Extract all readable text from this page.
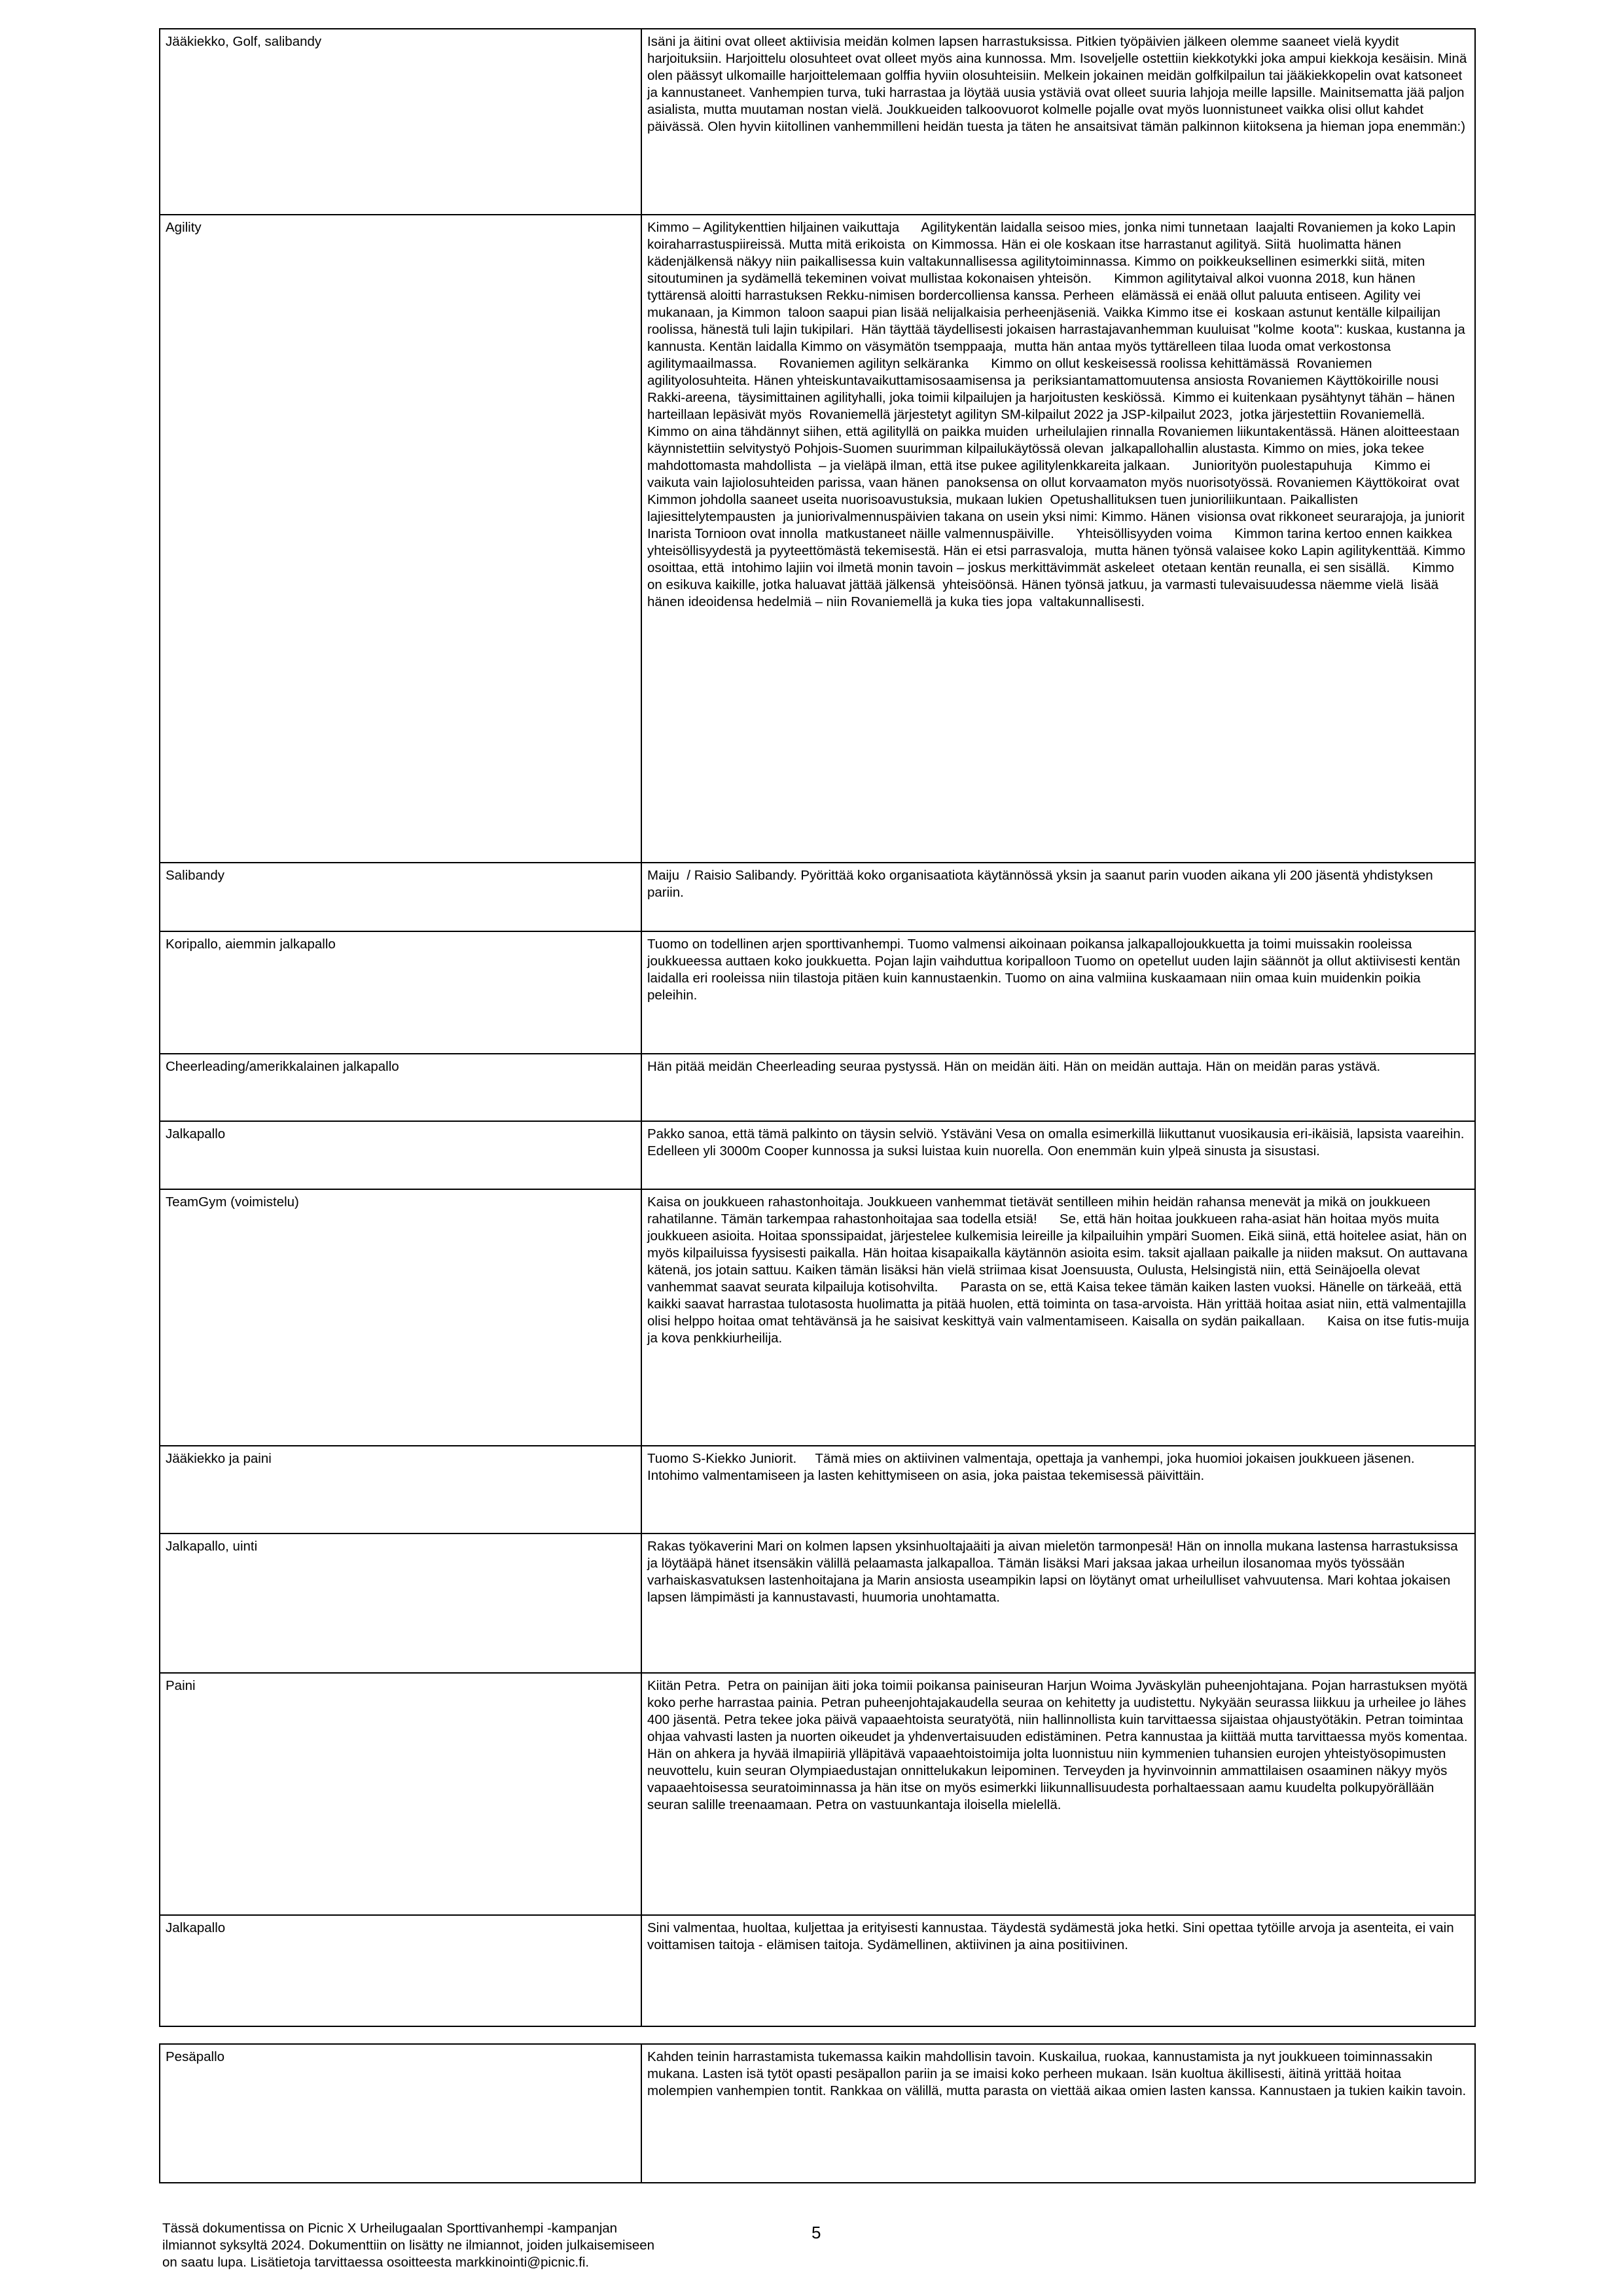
Jääkiekko, Golf, salibandy	Isäni ja äitini ovat olleet aktiivisia meidän kolmen lapsen harrastuksissa. Pitkien työpäivien jälkeen olemme saaneet vielä kyydit harjoituksiin. Harjoittelu olosuhteet ovat olleet myös aina kunnossa. Mm. Isoveljelle ostettiin kiekkotykki joka ampui kiekkoja kesäisin. Minä olen päässyt ulkomaille harjoittelemaan golffia hyviin olosuhteisiin. Melkein jokainen meidän golfkilpailun tai jääkiekkopelin ovat katsoneet ja kannustaneet. Vanhempien turva, tuki harrastaa ja löytää uusia ystäviä ovat olleet suuria lahjoja meille lapsille. Mainitsematta jää paljon asialista, mutta muutaman nostan vielä. Joukkueiden talkoovuorot kolmelle pojalle ovat myös luonnistuneet vaikka olisi ollut kahdet päivässä. Olen hyvin kiitollinen vanhemmilleni heidän tuesta ja täten he ansaitsivat tämän palkinnon kiitoksena ja hieman jopa enemmän:)
Agility	Kimmo – Agilitykenttien hiljainen vaikuttaja      Agilitykentän laidalla seisoo mies, jonka nimi tunnetaan  laajalti Rovaniemen ja koko Lapin koiraharrastuspiireissä. Mutta mitä erikoista  on Kimmossa. Hän ei ole koskaan itse harrastanut agilityä. Siitä  huolimatta hänen kädenjälkensä näkyy niin paikallisessa kuin valtakunnallisessa agilitytoiminnassa. Kimmo on poikkeuksellinen esimerkki siitä, miten  sitoutuminen ja sydämellä tekeminen voivat mullistaa kokonaisen yhteisön.      Kimmon agilitytaival alkoi vuonna 2018, kun hänen tyttärensä aloitti harrastuksen Rekku-nimisen bordercolliensa kanssa. Perheen  elämässä ei enää ollut paluuta entiseen. Agility vei mukanaan, ja Kimmon  taloon saapui pian lisää nelijalkaisia perheenjäseniä. Vaikka Kimmo itse ei  koskaan astunut kentälle kilpailijan roolissa, hänestä tuli lajin tukipilari.  Hän täyttää täydellisesti jokaisen harrastajavanhemman kuuluisat "kolme  koota": kuskaa, kustanna ja kannusta. Kentän laidalla Kimmo on väsymätön tsemppaaja,  mutta hän antaa myös tyttärelleen tilaa luoda omat verkostonsa  agilitymaailmassa.      Rovaniemen agilityn selkäranka      Kimmo on ollut keskeisessä roolissa kehittämässä  Rovaniemen agilityolosuhteita. Hänen yhteiskuntavaikuttamisosaamisensa ja  periksiantamattomuutensa ansiosta Rovaniemen Käyttökoirille nousi Rakki-areena,  täysimittainen agilityhalli, joka toimii kilpailujen ja harjoitusten keskiössä.  Kimmo ei kuitenkaan pysähtynyt tähän – hänen harteillaan lepäsivät myös  Rovaniemellä järjestetyt agilityn SM-kilpailut 2022 ja JSP-kilpailut 2023,  jotka järjestettiin Rovaniemellä. Kimmo on aina tähdännyt siihen, että agilityllä on paikka muiden  urheilulajien rinnalla Rovaniemen liikuntakentässä. Hänen aloitteestaan  käynnistettiin selvitystyö Pohjois-Suomen suurimman kilpailukäytössä olevan  jalkapallohallin alustasta. Kimmo on mies, joka tekee mahdottomasta mahdollista  – ja vieläpä ilman, että itse pukee agilitylenkkareita jalkaan.      Juniorityön puolestapuhuja      Kimmo ei vaikuta vain lajiolosuhteiden parissa, vaan hänen  panoksensa on ollut korvaamaton myös nuorisotyössä. Rovaniemen Käyttökoirat  ovat Kimmon johdolla saaneet useita nuorisoavustuksia, mukaan lukien  Opetushallituksen tuen junioriliikuntaan. Paikallisten lajiesittelytempausten  ja juniorivalmennuspäivien takana on usein yksi nimi: Kimmo. Hänen  visionsa ovat rikkoneet seurarajoja, ja juniorit Inarista Tornioon ovat innolla  matkustaneet näille valmennuspäiville.      Yhteisöllisyyden voima      Kimmon tarina kertoo ennen kaikkea  yhteisöllisyydestä ja pyyteettömästä tekemisestä. Hän ei etsi parrasvaloja,  mutta hänen työnsä valaisee koko Lapin agilitykenttää. Kimmo osoittaa, että  intohimo lajiin voi ilmetä monin tavoin – joskus merkittävimmät askeleet  otetaan kentän reunalla, ei sen sisällä.      Kimmo on esikuva kaikille, jotka haluavat jättää jälkensä  yhteisöönsä. Hänen työnsä jatkuu, ja varmasti tulevaisuudessa näemme vielä  lisää hänen ideoidensa hedelmiä – niin Rovaniemellä ja kuka ties jopa  valtakunnallisesti.
Salibandy	Maiju  / Raisio Salibandy. Pyörittää koko organisaatiota käytännössä yksin ja saanut parin vuoden aikana yli 200 jäsentä yhdistyksen pariin.
Koripallo, aiemmin jalkapallo	Tuomo on todellinen arjen sporttivanhempi. Tuomo valmensi aikoinaan poikansa jalkapallojoukkuetta ja toimi muissakin rooleissa joukkueessa auttaen koko joukkuetta. Pojan lajin vaihduttua koripalloon Tuomo on opetellut uuden lajin säännöt ja ollut aktiivisesti kentän laidalla eri rooleissa niin tilastoja pitäen kuin kannustaenkin. Tuomo on aina valmiina kuskaamaan niin omaa kuin muidenkin poikia peleihin.
Cheerleading/amerikkalainen jalkapallo	Hän pitää meidän Cheerleading seuraa pystyssä. Hän on meidän äiti. Hän on meidän auttaja. Hän on meidän paras ystävä.
Jalkapallo	Pakko sanoa, että tämä palkinto on täysin selviö. Ystäväni Vesa on omalla esimerkillä liikuttanut vuosikausia eri-ikäisiä, lapsista vaareihin. Edelleen yli 3000m Cooper kunnossa ja suksi luistaa kuin nuorella. Oon enemmän kuin ylpeä sinusta ja sisustasi.
TeamGym (voimistelu)	Kaisa on joukkueen rahastonhoitaja. Joukkueen vanhemmat tietävät sentilleen mihin heidän rahansa menevät ja mikä on joukkueen rahatilanne. Tämän tarkempaa rahastonhoitajaa saa todella etsiä!      Se, että hän hoitaa joukkueen raha-asiat hän hoitaa myös muita joukkueen asioita. Hoitaa sponssipaidat, järjestelee kulkemisia leireille ja kilpailuihin ympäri Suomen. Eikä siinä, että hoitelee asiat, hän on myös kilpailuissa fyysisesti paikalla. Hän hoitaa kisapaikalla käytännön asioita esim. taksit ajallaan paikalle ja niiden maksut. On auttavana kätenä, jos jotain sattuu. Kaiken tämän lisäksi hän vielä striimaa kisat Joensuusta, Oulusta, Helsingistä niin, että Seinäjoella olevat vanhemmat saavat seurata kilpailuja kotisohvilta.      Parasta on se, että Kaisa tekee tämän kaiken lasten vuoksi. Hänelle on tärkeää, että kaikki saavat harrastaa tulotasosta huolimatta ja pitää huolen, että toiminta on tasa-arvoista. Hän yrittää hoitaa asiat niin, että valmentajilla olisi helppo hoitaa omat tehtävänsä ja he saisivat keskittyä vain valmentamiseen. Kaisalla on sydän paikallaan.      Kaisa on itse futis-muija ja kova penkkiurheilija.
Jääkiekko ja paini	Tuomo S-Kiekko Juniorit.     Tämä mies on aktiivinen valmentaja, opettaja ja vanhempi, joka huomioi jokaisen joukkueen jäsenen. Intohimo valmentamiseen ja lasten kehittymiseen on asia, joka paistaa tekemisessä päivittäin.
Jalkapallo, uinti	Rakas työkaverini Mari on kolmen lapsen yksinhuoltajaäiti ja aivan mieletön tarmonpesä! Hän on innolla mukana lastensa harrastuksissa ja löytääpä hänet itsensäkin välillä pelaamasta jalkapalloa. Tämän lisäksi Mari jaksaa jakaa urheilun ilosanomaa myös työssään varhaiskasvatuksen lastenhoitajana ja Marin ansiosta useampikin lapsi on löytänyt omat urheilulliset vahvuutensa. Mari kohtaa jokaisen lapsen lämpimästi ja kannustavasti, huumoria unohtamatta.
Paini	Kiitän Petra.  Petra on painijan äiti joka toimii poikansa painiseuran Harjun Woima Jyväskylän puheenjohtajana. Pojan harrastuksen myötä koko perhe harrastaa painia. Petran puheenjohtajakaudella seuraa on kehitetty ja uudistettu. Nykyään seurassa liikkuu ja urheilee jo lähes 400 jäsentä. Petra tekee joka päivä vapaaehtoista seuratyötä, niin hallinnollista kuin tarvittaessa sijaistaa ohjaustyötäkin. Petran toimintaa ohjaa vahvasti lasten ja nuorten oikeudet ja yhdenvertaisuuden edistäminen. Petra kannustaa ja kiittää mutta tarvittaessa myös komentaa. Hän on ahkera ja hyvää ilmapiiriä ylläpitävä vapaaehtoistoimija jolta luonnistuu niin kymmenien tuhansien eurojen yhteistyösopimusten neuvottelu, kuin seuran Olympiaedustajan onnittelukakun leipominen. Terveyden ja hyvinvoinnin ammattilaisen osaaminen näkyy myös vapaaehtoisessa seuratoiminnassa ja hän itse on myös esimerkki liikunnallisuudesta porhaltaessaan aamu kuudelta polkupyörällään seuran salille treenaamaan. Petra on vastuunkantaja iloisella mielellä.
Jalkapallo	Sini valmentaa, huoltaa, kuljettaa ja erityisesti kannustaa. Täydestä sydämestä joka hetki. Sini opettaa tytöille arvoja ja asenteita, ei vain voittamisen taitoja - elämisen taitoja. Sydämellinen, aktiivinen ja aina positiivinen.
Pesäpallo	Kahden teinin harrastamista tukemassa kaikin mahdollisin tavoin. Kuskailua, ruokaa, kannustamista ja nyt joukkueen toiminnassakin mukana. Lasten isä tytöt opasti pesäpallon pariin ja se imaisi koko perheen mukaan. Isän kuoltua äkillisesti, äitinä yrittää hoitaa molempien vanhempien tontit. Rankkaa on välillä, mutta parasta on viettää aikaa omien lasten kanssa. Kannustaen ja tukien kaikin tavoin.
Tässä dokumentissa on Picnic X Urheilugaalan Sporttivanhempi -kampanjan ilmiannot syksyltä 2024. Dokumenttiin on lisätty ne ilmiannot, joiden julkaisemiseen on saatu lupa. Lisätietoja tarvittaessa osoitteesta markkinointi@picnic.fi.
5
